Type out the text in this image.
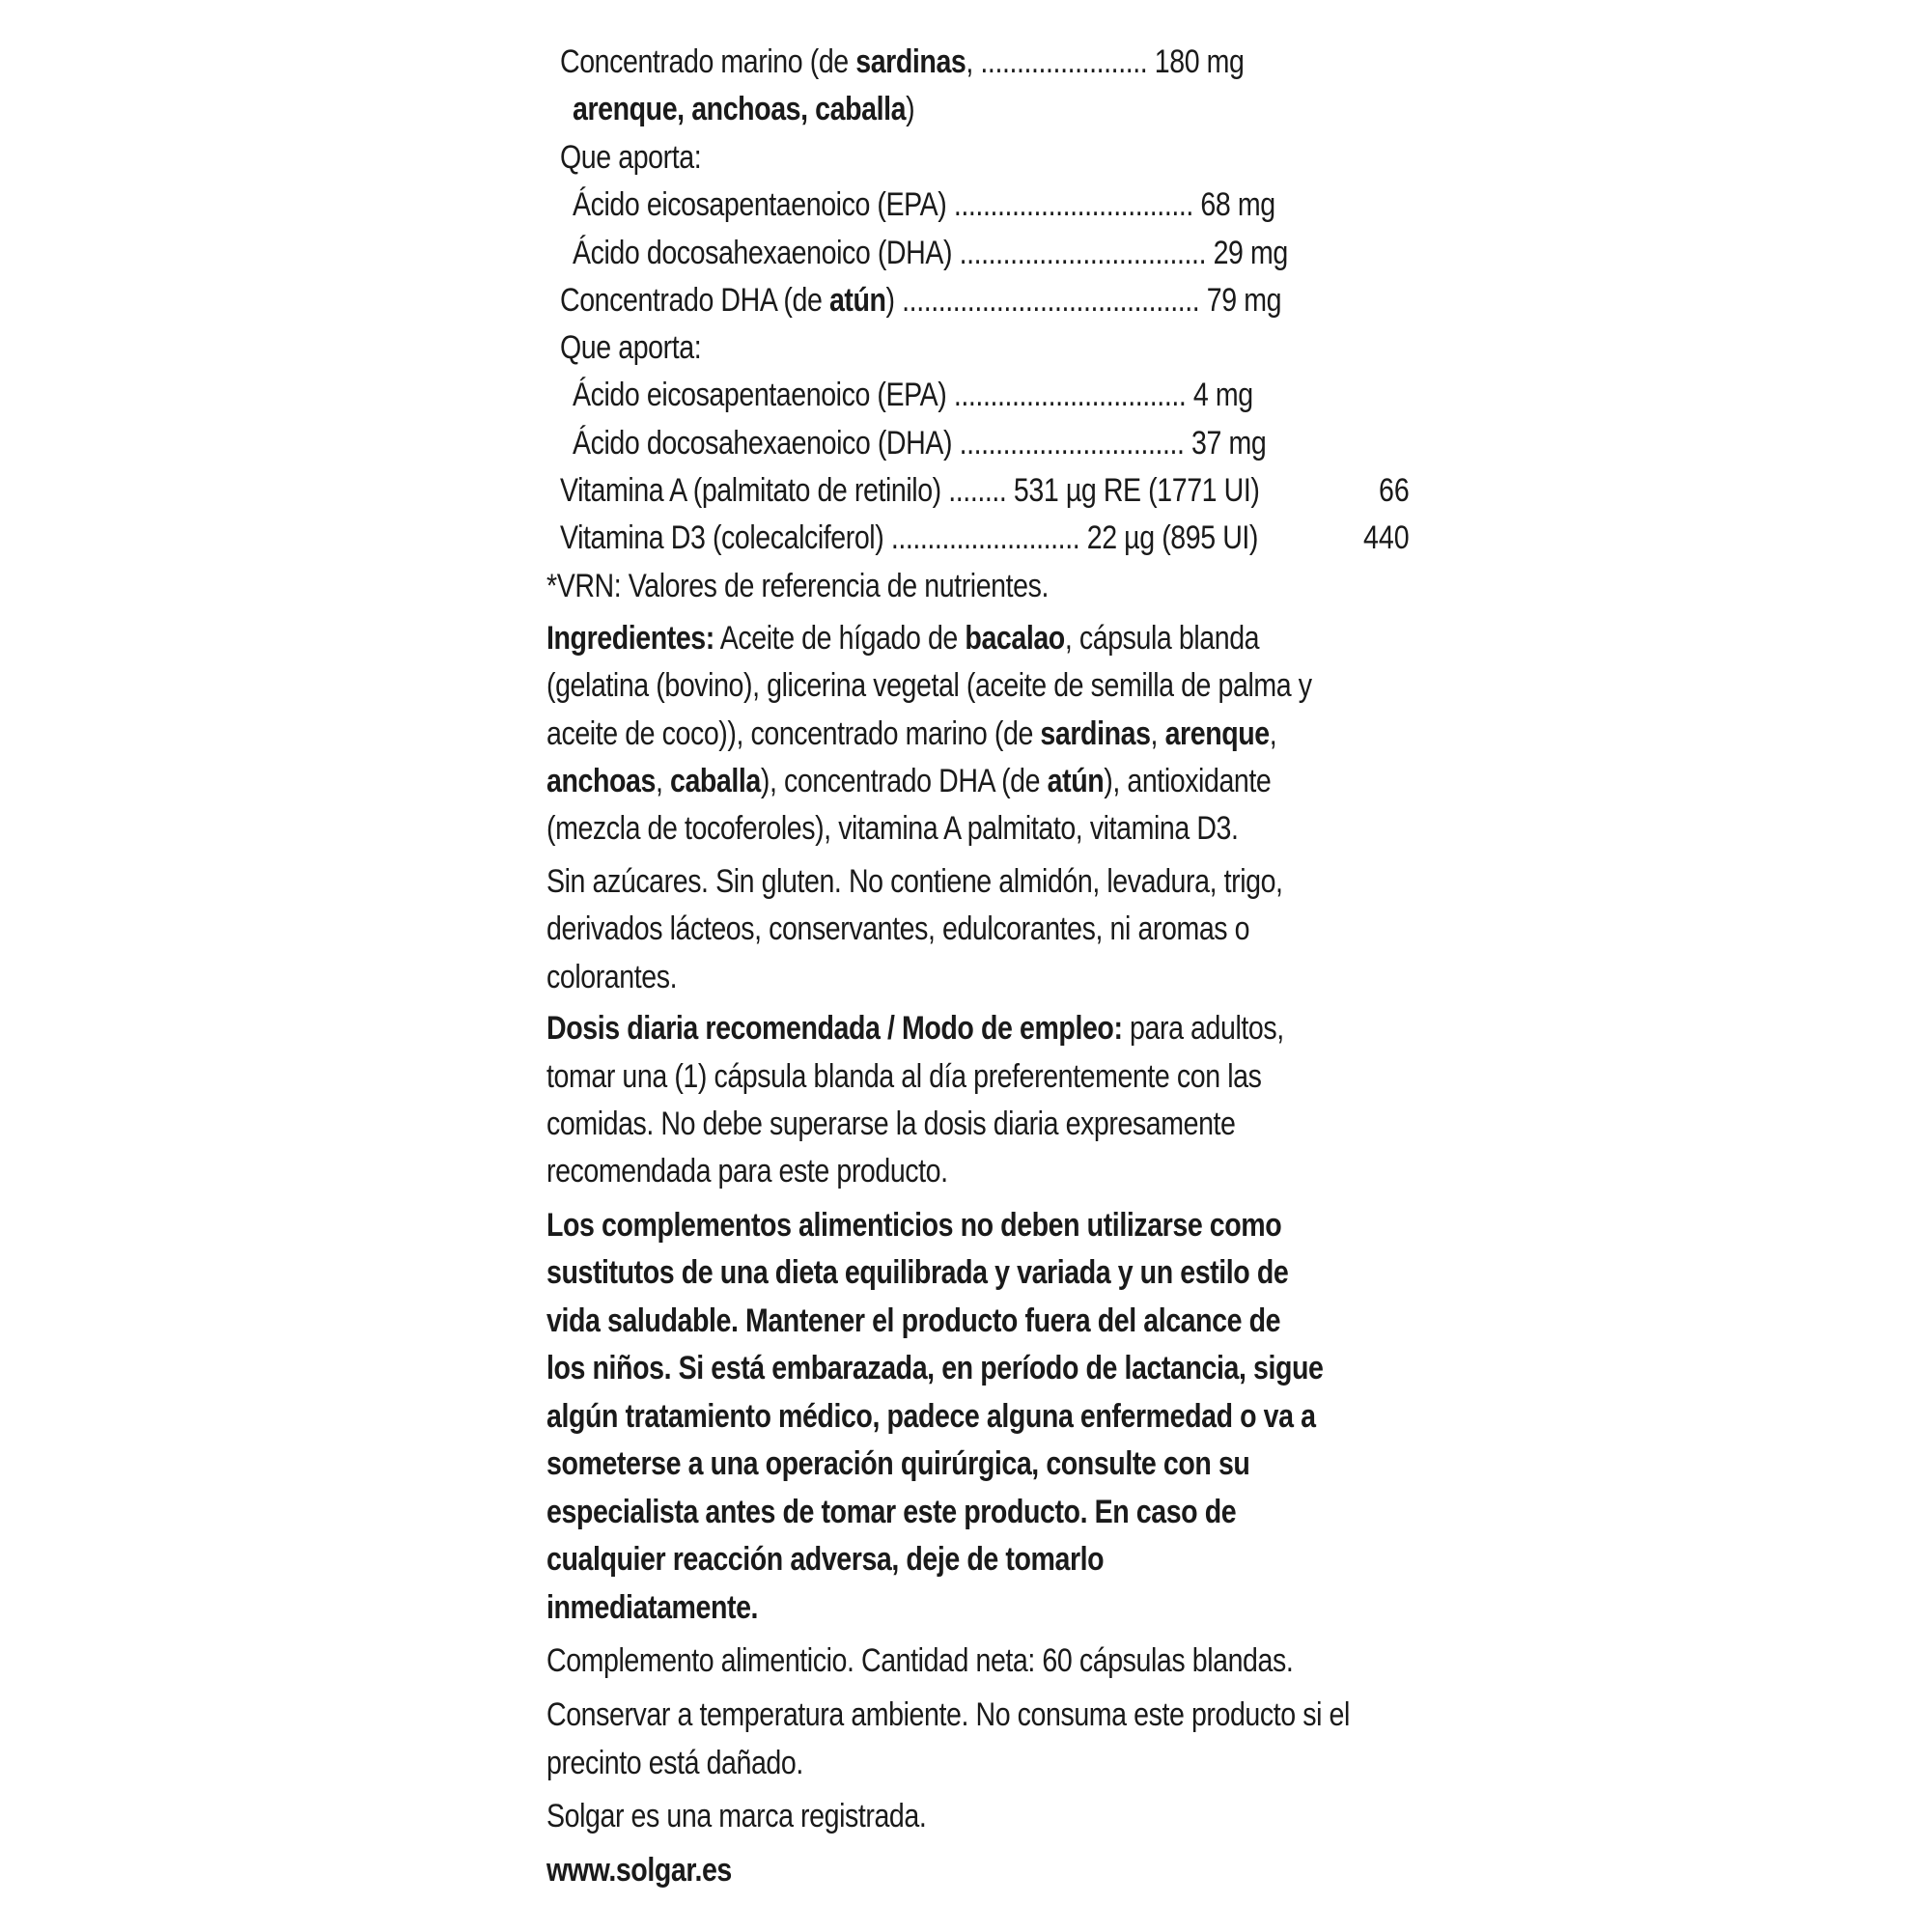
Concentrado marino (de sardinas, ....................... 180 mg
arenque, anchoas, caballa)
Que aporta:
Ácido eicosapentaenoico (EPA) ................................. 68 mg
Ácido docosahexaenoico (DHA) .................................. 29 mg
Concentrado DHA (de atún) ......................................... 79 mg
Que aporta:
Ácido eicosapentaenoico (EPA) ................................ 4 mg
Ácido docosahexaenoico (DHA) ............................... 37 mg
Vitamina A (palmitato de retinilo) ........ 531 µg RE (1771 UI)	66
Vitamina D3 (colecalciferol) .......................... 22 µg (895 UI)	440
*VRN: Valores de referencia de nutrientes.
Ingredientes: Aceite de hígado de bacalao, cápsula blanda
(gelatina (bovino), glicerina vegetal (aceite de semilla de palma y
aceite de coco)), concentrado marino (de sardinas, arenque,
anchoas, caballa), concentrado DHA (de atún), antioxidante
(mezcla de tocoferoles), vitamina A palmitato, vitamina D3.
Sin azúcares. Sin gluten. No contiene almidón, levadura, trigo,
derivados lácteos, conservantes, edulcorantes, ni aromas o
colorantes.
Dosis diaria recomendada / Modo de empleo: para adultos,
tomar una (1) cápsula blanda al día preferentemente con las
comidas. No debe superarse la dosis diaria expresamente
recomendada para este producto.
Los complementos alimenticios no deben utilizarse como
sustitutos de una dieta equilibrada y variada y un estilo de
vida saludable. Mantener el producto fuera del alcance de
los niños. Si está embarazada, en período de lactancia, sigue
algún tratamiento médico, padece alguna enfermedad o va a
someterse a una operación quirúrgica, consulte con su
especialista antes de tomar este producto. En caso de
cualquier reacción adversa, deje de tomarlo
inmediatamente.
Complemento alimenticio. Cantidad neta: 60 cápsulas blandas.
Conservar a temperatura ambiente. No consuma este producto si el
precinto está dañado.
Solgar es una marca registrada.
www.solgar.es
